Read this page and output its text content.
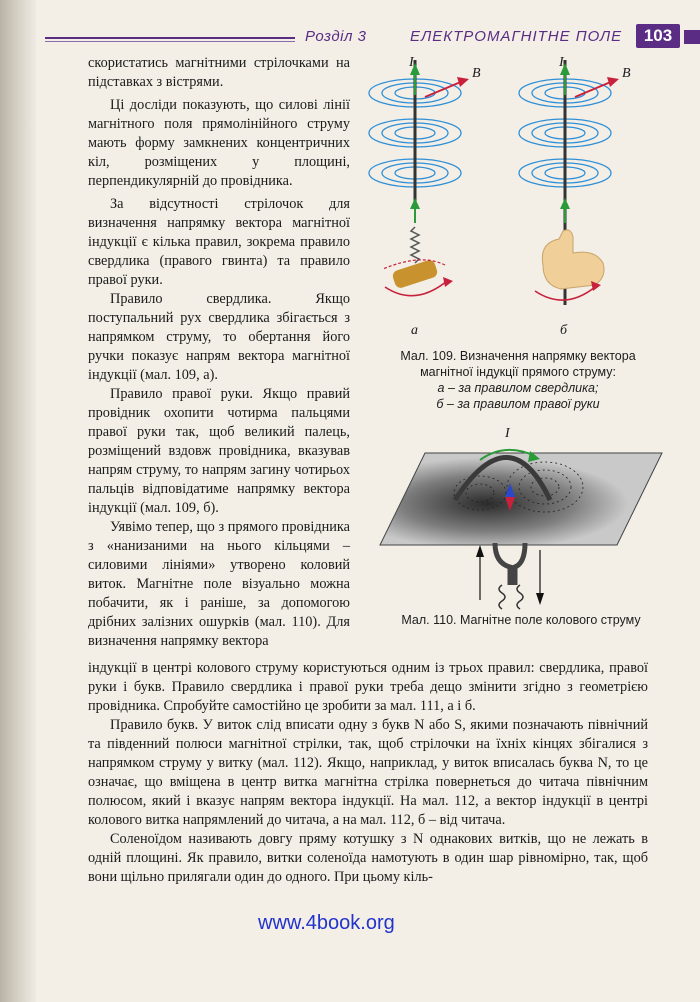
Розділ 3	ЕЛЕКТРОМАГНІТНЕ ПОЛЕ	103

скористатись магнітними стрілочками на підставках з вістрями.

Ці досліди показують, що силові лінії магнітного поля прямолінійного струму мають форму замкнених концентричних кіл, розміщених у площині, перпендикулярній до провідника.

За відсутності стрілочок для визначення напрямку вектора магнітної індукції є кілька правил, зокрема правило свердлика (правого гвинта) та правило правої руки.

Правило свердлика. Якщо поступальний рух свердлика збігається з напрямком струму, то обертання його ручки показує напрям вектора магнітної індукції (мал. 109, а).

Правило правої руки. Якщо правий провідник охопити чотирма пальцями правої руки так, щоб великий палець, розміщений вздовж провідника, вказував напрям струму, то напрям загину чотирьох пальців відповідатиме напрямку вектора індукції (мал. 109, б).

Уявімо тепер, що з прямого провідника з «нанизаними на нього кільцями – силовими лініями» утворено коловий виток. Магнітне поле візуально можна побачити, як і раніше, за допомогою дрібних залізних ошурків (мал. 110). Для визначення напрямку вектора

I
B
I
B
а	б
Мал. 109. Визначення напрямку вектора
магнітної індукції прямого струму:
а – за правилом свердлика;
б – за правилом правої руки
I
Мал. 110. Магнітне поле колового струму

індукції в центрі колового струму користуються одним із трьох правил: свердлика, правої руки і букв. Правило свердлика і правої руки треба дещо змінити згідно з геометрією провідника. Спробуйте самостійно це зробити за мал. 111, а і б.

Правило букв. У виток слід вписати одну з букв N або S, якими позначають північний та південний полюси магнітної стрілки, так, щоб стрілочки на їхніх кінцях збігалися з напрямком струму у витку (мал. 112). Якщо, наприклад, у виток вписалась буква N, то це означає, що вміщена в центр витка магнітна стрілка повернеться до читача північним полюсом, який і вказує напрям вектора індукції. На мал. 112, а вектор індукції в центрі колового витка напрямлений до читача, а на мал. 112, б – від читача.

Соленоїдом називають довгу пряму котушку з N однакових витків, що не лежать в одній площині. Як правило, витки соленоїда намотують в один шар рівномірно, так, щоб вони щільно прилягали один до одного. При цьому кіль-

www.4book.org
